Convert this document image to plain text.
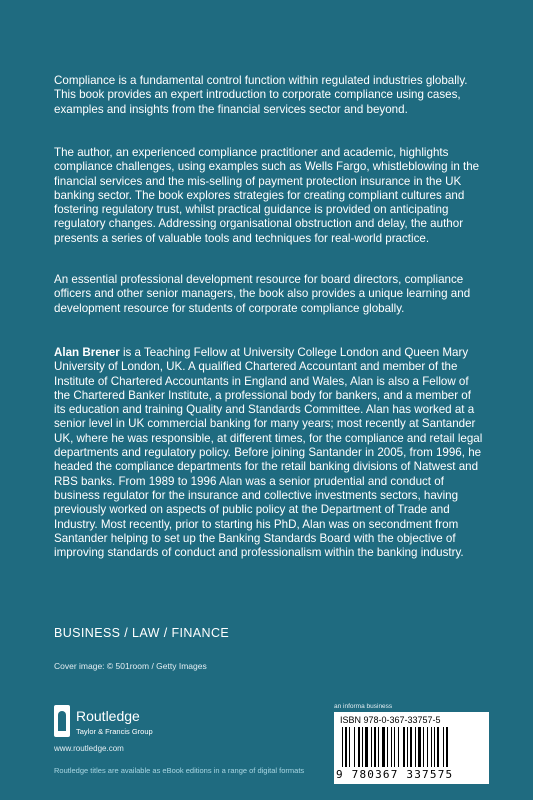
Compliance is a fundamental control function within regulated industries globally. This book provides an expert introduction to corporate compliance using cases, examples and insights from the financial services sector and beyond.

The author, an experienced compliance practitioner and academic, highlights compliance challenges, using examples such as Wells Fargo, whistleblowing in the financial services and the mis-selling of payment protection insurance in the UK banking sector. The book explores strategies for creating compliant cultures and fostering regulatory trust, whilst practical guidance is provided on anticipating regulatory changes. Addressing organisational obstruction and delay, the author presents a series of valuable tools and techniques for real-world practice.

An essential professional development resource for board directors, compliance officers and other senior managers, the book also provides a unique learning and development resource for students of corporate compliance globally.

Alan Brener is a Teaching Fellow at University College London and Queen Mary University of London, UK. A qualified Chartered Accountant and member of the Institute of Chartered Accountants in England and Wales, Alan is also a Fellow of the Chartered Banker Institute, a professional body for bankers, and a member of its education and training Quality and Standards Committee. Alan has worked at a senior level in UK commercial banking for many years; most recently at Santander UK, where he was responsible, at different times, for the compliance and retail legal departments and regulatory policy. Before joining Santander in 2005, from 1996, he headed the compliance departments for the retail banking divisions of Natwest and RBS banks. From 1989 to 1996 Alan was a senior prudential and conduct of business regulator for the insurance and collective investments sectors, having previously worked on aspects of public policy at the Department of Trade and Industry. Most recently, prior to starting his PhD, Alan was on secondment from Santander helping to set up the Banking Standards Board with the objective of improving standards of conduct and professionalism within the banking industry.

BUSINESS / LAW / FINANCE
Cover image: © 501room / Getty Images
Routledge
Taylor & Francis Group
www.routledge.com
Routledge titles are available as eBook editions in a range of digital formats
an informa business
ISBN 978-0-367-33757-5
9 780367 337575
